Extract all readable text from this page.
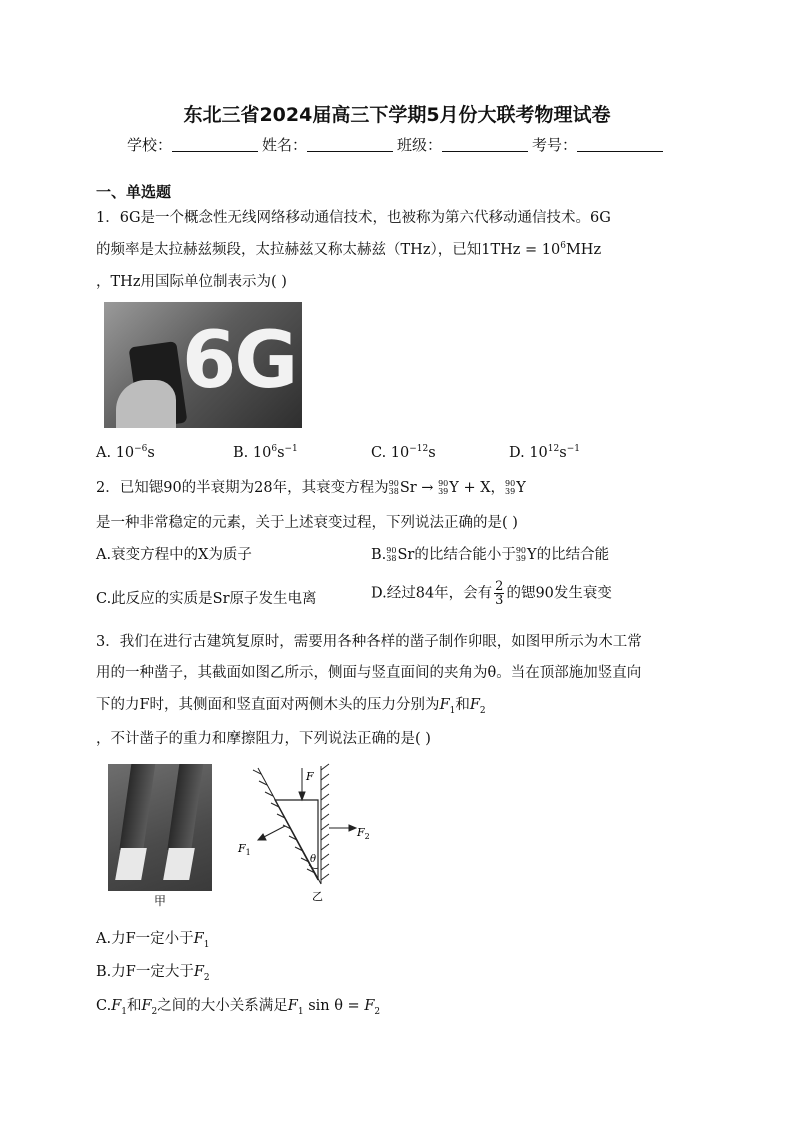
东北三省2024届高三下学期5月份大联考物理试卷
学校：	姓名：	班级：	考号：
一、单选题
1．6G是一个概念性无线网络移动通信技术，也被称为第六代移动通信技术。6G
的频率是太拉赫兹频段，太拉赫兹又称太赫兹（THz），已知$1THz = 10^6MHz$
，THz用国际单位制表示为( )
6G
A. $10^{-6}s$	B. $10^6s^{-1}$	C. $10^{-12}s$	D. $10^{12}s^{-1}$
2．已知锶90的半衰期为28年，其衰变方程为 90
38 Sr → 90
39 Y + X， 90
39 Y
是一种非常稳定的元素，关于上述衰变过程，下列说法正确的是( )
A.衰变方程中的X为质子	B. 90
38 Sr的比结合能小于 90
39 Y的比结合能
C.此反应的实质是Sr原子发生电离	D.经过84年，会有 $\frac{2}{3}$ 的锶90发生衰变
3．我们在进行古建筑复原时，需要用各种各样的凿子制作卯眼，如图甲所示为木工常
用的一种凿子，其截面如图乙所示，侧面与竖直面间的夹角为θ。当在顶部施加竖直向
下的力F时，其侧面和竖直面对两侧木头的压力分别为$F_1$和$F_2$
，不计凿子的重力和摩擦阻力，下列说法正确的是( )
甲
F
$F_2$
$F_1$
θ
乙
A.力F一定小于$F_1$
B.力F一定大于$F_2$
$C.F_1$和$F_2$之间的大小关系满足$F_1$ $\sin \theta = F_2$
